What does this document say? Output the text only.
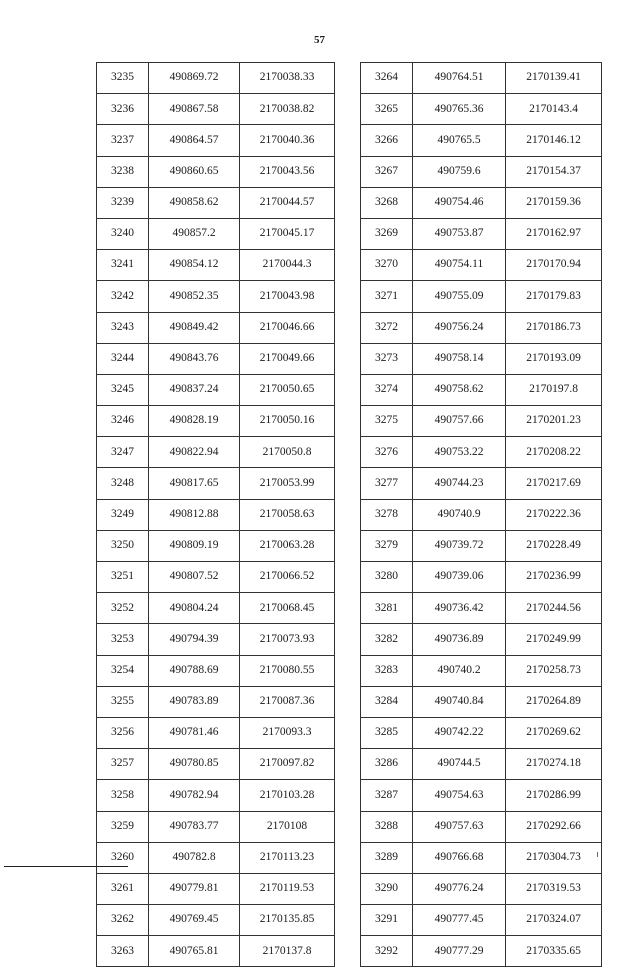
57
3235	490869.72	2170038.33
3236	490867.58	2170038.82
3237	490864.57	2170040.36
3238	490860.65	2170043.56
3239	490858.62	2170044.57
3240	490857.2	2170045.17
3241	490854.12	2170044.3
3242	490852.35	2170043.98
3243	490849.42	2170046.66
3244	490843.76	2170049.66
3245	490837.24	2170050.65
3246	490828.19	2170050.16
3247	490822.94	2170050.8
3248	490817.65	2170053.99
3249	490812.88	2170058.63
3250	490809.19	2170063.28
3251	490807.52	2170066.52
3252	490804.24	2170068.45
3253	490794.39	2170073.93
3254	490788.69	2170080.55
3255	490783.89	2170087.36
3256	490781.46	2170093.3
3257	490780.85	2170097.82
3258	490782.94	2170103.28
3259	490783.77	2170108
3260	490782.8	2170113.23
3261	490779.81	2170119.53
3262	490769.45	2170135.85
3263	490765.81	2170137.8
3264	490764.51	2170139.41
3265	490765.36	2170143.4
3266	490765.5	2170146.12
3267	490759.6	2170154.37
3268	490754.46	2170159.36
3269	490753.87	2170162.97
3270	490754.11	2170170.94
3271	490755.09	2170179.83
3272	490756.24	2170186.73
3273	490758.14	2170193.09
3274	490758.62	2170197.8
3275	490757.66	2170201.23
3276	490753.22	2170208.22
3277	490744.23	2170217.69
3278	490740.9	2170222.36
3279	490739.72	2170228.49
3280	490739.06	2170236.99
3281	490736.42	2170244.56
3282	490736.89	2170249.99
3283	490740.2	2170258.73
3284	490740.84	2170264.89
3285	490742.22	2170269.62
3286	490744.5	2170274.18
3287	490754.63	2170286.99
3288	490757.63	2170292.66
3289	490766.68	2170304.73
3290	490776.24	2170319.53
3291	490777.45	2170324.07
3292	490777.29	2170335.65
